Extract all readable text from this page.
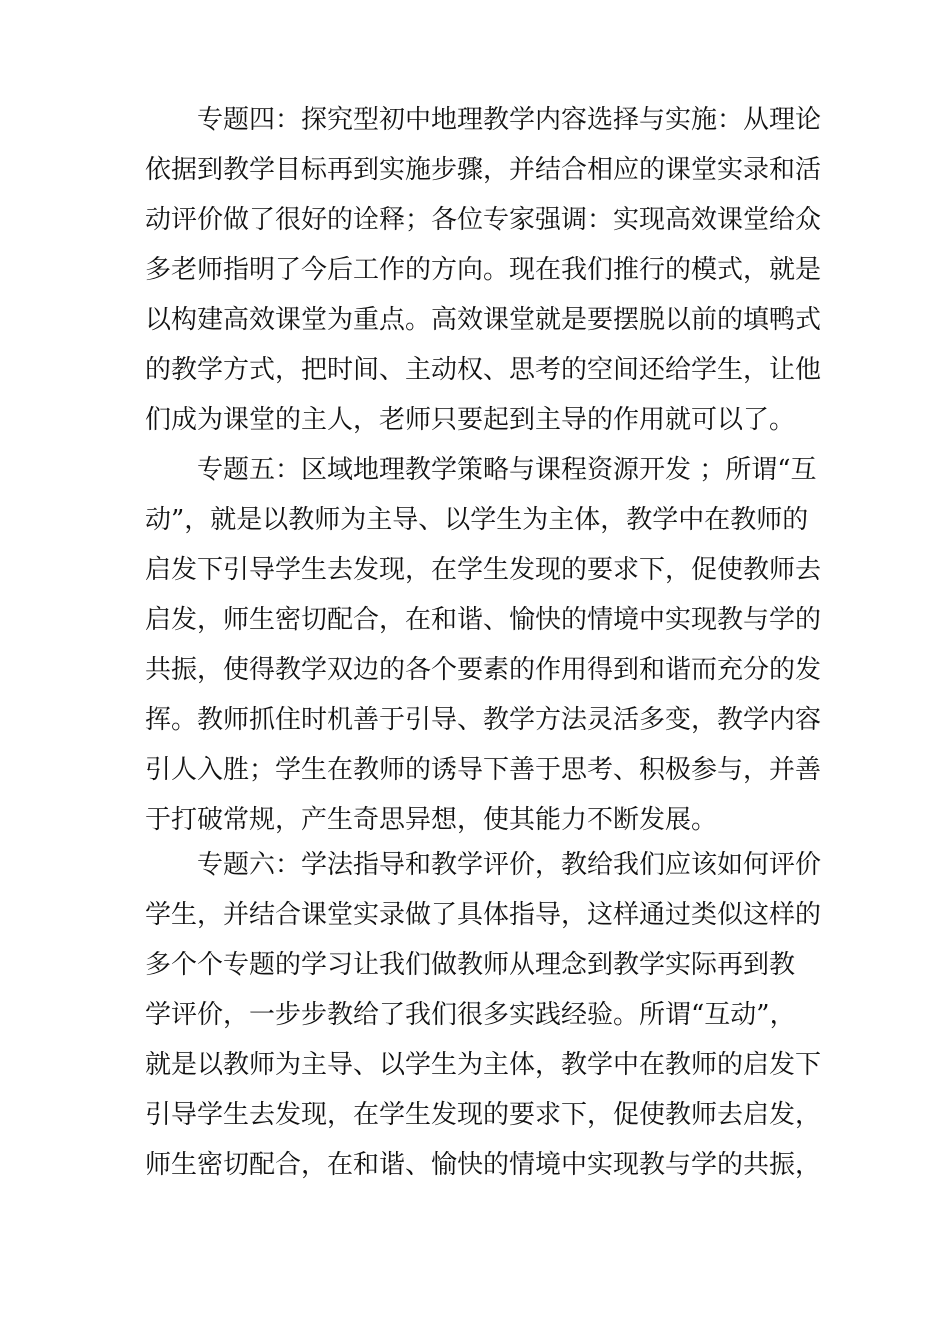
专题四：探究型初中地理教学内容选择与实施：从理论
依据到教学目标再到实施步骤，并结合相应的课堂实录和活
动评价做了很好的诠释；各位专家强调：实现高效课堂给众
多老师指明了今后工作的方向。现在我们推行的模式，就是
以构建高效课堂为重点。高效课堂就是要摆脱以前的填鸭式
的教学方式，把时间、主动权、思考的空间还给学生，让他
们成为课堂的主人，老师只要起到主导的作用就可以了。
专题五：区域地理教学策略与课程资源开发 ；所谓“互
动”，就是以教师为主导、以学生为主体，教学中在教师的
启发下引导学生去发现，在学生发现的要求下，促使教师去
启发，师生密切配合，在和谐、愉快的情境中实现教与学的
共振，使得教学双边的各个要素的作用得到和谐而充分的发
挥。教师抓住时机善于引导、教学方法灵活多变，教学内容
引人入胜；学生在教师的诱导下善于思考、积极参与，并善
于打破常规，产生奇思异想，使其能力不断发展。
专题六：学法指导和教学评价，教给我们应该如何评价
学生，并结合课堂实录做了具体指导，这样通过类似这样的
多个个专题的学习让我们做教师从理念到教学实际再到教
学评价，一步步教给了我们很多实践经验。所谓“互动”，
就是以教师为主导、以学生为主体，教学中在教师的启发下
引导学生去发现，在学生发现的要求下，促使教师去启发，
师生密切配合，在和谐、愉快的情境中实现教与学的共振，
